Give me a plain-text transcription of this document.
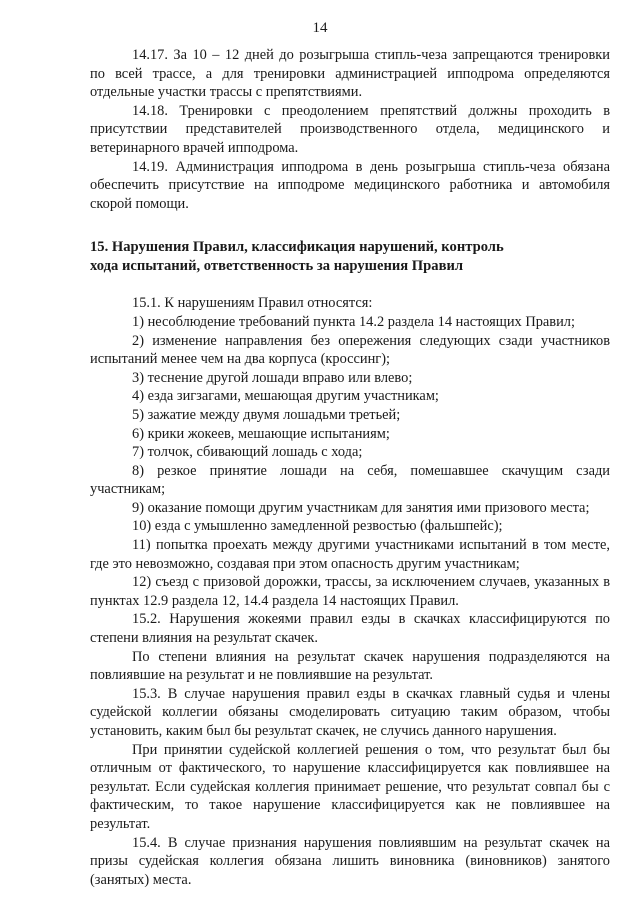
14

14.17. За 10 – 12 дней до розыгрыша стипль-чеза запрещаются тренировки по всей трассе, а для тренировки администрацией ипподрома определяются отдельные участки трассы с препятствиями.

14.18. Тренировки с преодолением препятствий должны проходить в присутствии представителей производственного отдела, медицинского и ветеринарного врачей ипподрома.

14.19. Администрация ипподрома в день розыгрыша стипль-чеза обязана обеспечить присутствие на ипподроме медицинского работника и автомобиля скорой помощи.

15. Нарушения Правил, классификация нарушений, контроль
хода испытаний, ответственность за нарушения Правил

15.1. К нарушениям Правил относятся:

1) несоблюдение требований пункта 14.2 раздела 14 настоящих Правил;

2) изменение направления без опережения следующих сзади участников испытаний менее чем на два корпуса (кроссинг);

3) теснение другой лошади вправо или влево;

4) езда зигзагами, мешающая другим участникам;

5) зажатие между двумя лошадьми третьей;

6) крики жокеев, мешающие испытаниям;

7) толчок, сбивающий лошадь с хода;

8) резкое принятие лошади на себя, помешавшее скачущим сзади участникам;

9) оказание помощи другим участникам для занятия ими призового места;

10) езда с умышленно замедленной резвостью (фальшпейс);

11) попытка проехать между другими участниками испытаний в том месте, где это невозможно, создавая при этом опасность другим участникам;

12) съезд с призовой дорожки, трассы, за исключением случаев, указанных в пунктах 12.9 раздела 12, 14.4 раздела 14 настоящих Правил.

15.2. Нарушения жокеями правил езды в скачках классифицируются по степени влияния на результат скачек.

По степени влияния на результат скачек нарушения подразделяются на повлиявшие на результат и не повлиявшие на результат.

15.3. В случае нарушения правил езды в скачках главный судья и члены судейской коллегии обязаны смоделировать ситуацию таким образом, чтобы установить, каким был бы результат скачек, не случись данного нарушения.

При принятии судейской коллегией решения о том, что результат был бы отличным от фактического, то нарушение классифицируется как повлиявшее на результат. Если судейская коллегия принимает решение, что результат совпал бы с фактическим, то такое нарушение классифицируется как не повлиявшее на результат.

15.4. В случае признания нарушения повлиявшим на результат скачек на призы судейская коллегия обязана лишить виновника (виновников) занятого (занятых) места.
